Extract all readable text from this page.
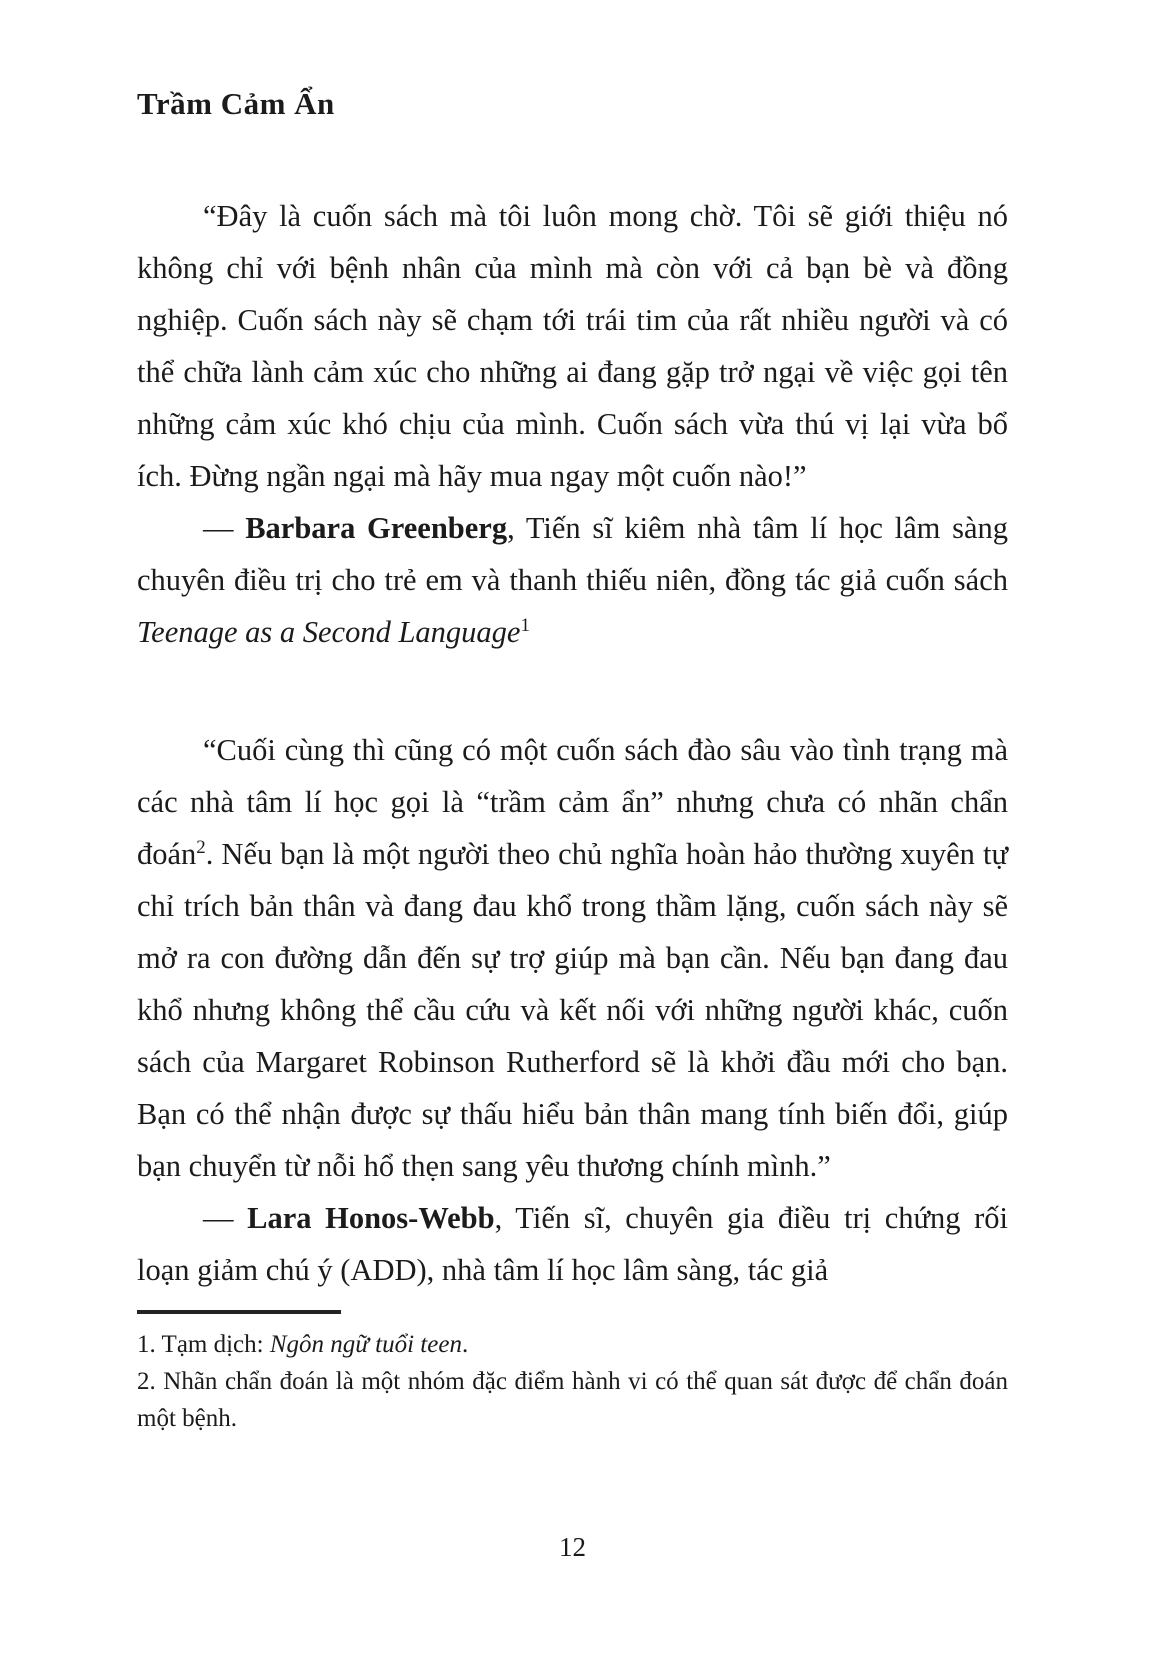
Trầm Cảm Ẩn

“Đây là cuốn sách mà tôi luôn mong chờ. Tôi sẽ giới thiệu nó không chỉ với bệnh nhân của mình mà còn với cả bạn bè và đồng nghiệp. Cuốn sách này sẽ chạm tới trái tim của rất nhiều người và có thể chữa lành cảm xúc cho những ai đang gặp trở ngại về việc gọi tên những cảm xúc khó chịu của mình. Cuốn sách vừa thú vị lại vừa bổ ích. Đừng ngần ngại mà hãy mua ngay một cuốn nào!”

— Barbara Greenberg, Tiến sĩ kiêm nhà tâm lí học lâm sàng chuyên điều trị cho trẻ em và thanh thiếu niên, đồng tác giả cuốn sách Teenage as a Second Language$^1$

“Cuối cùng thì cũng có một cuốn sách đào sâu vào tình trạng mà các nhà tâm lí học gọi là “trầm cảm ẩn” nhưng chưa có nhãn chẩn đoán$^2$. Nếu bạn là một người theo chủ nghĩa hoàn hảo thường xuyên tự chỉ trích bản thân và đang đau khổ trong thầm lặng, cuốn sách này sẽ mở ra con đường dẫn đến sự trợ giúp mà bạn cần. Nếu bạn đang đau khổ nhưng không thể cầu cứu và kết nối với những người khác, cuốn sách của Margaret Robinson Rutherford sẽ là khởi đầu mới cho bạn. Bạn có thể nhận được sự thấu hiểu bản thân mang tính biến đổi, giúp bạn chuyển từ nỗi hổ thẹn sang yêu thương chính mình.”

— Lara Honos-Webb, Tiến sĩ, chuyên gia điều trị chứng rối loạn giảm chú ý (ADD), nhà tâm lí học lâm sàng, tác giả

1. Tạm dịch: Ngôn ngữ tuổi teen.

2. Nhãn chẩn đoán là một nhóm đặc điểm hành vi có thể quan sát được để chẩn đoán một bệnh.

12
